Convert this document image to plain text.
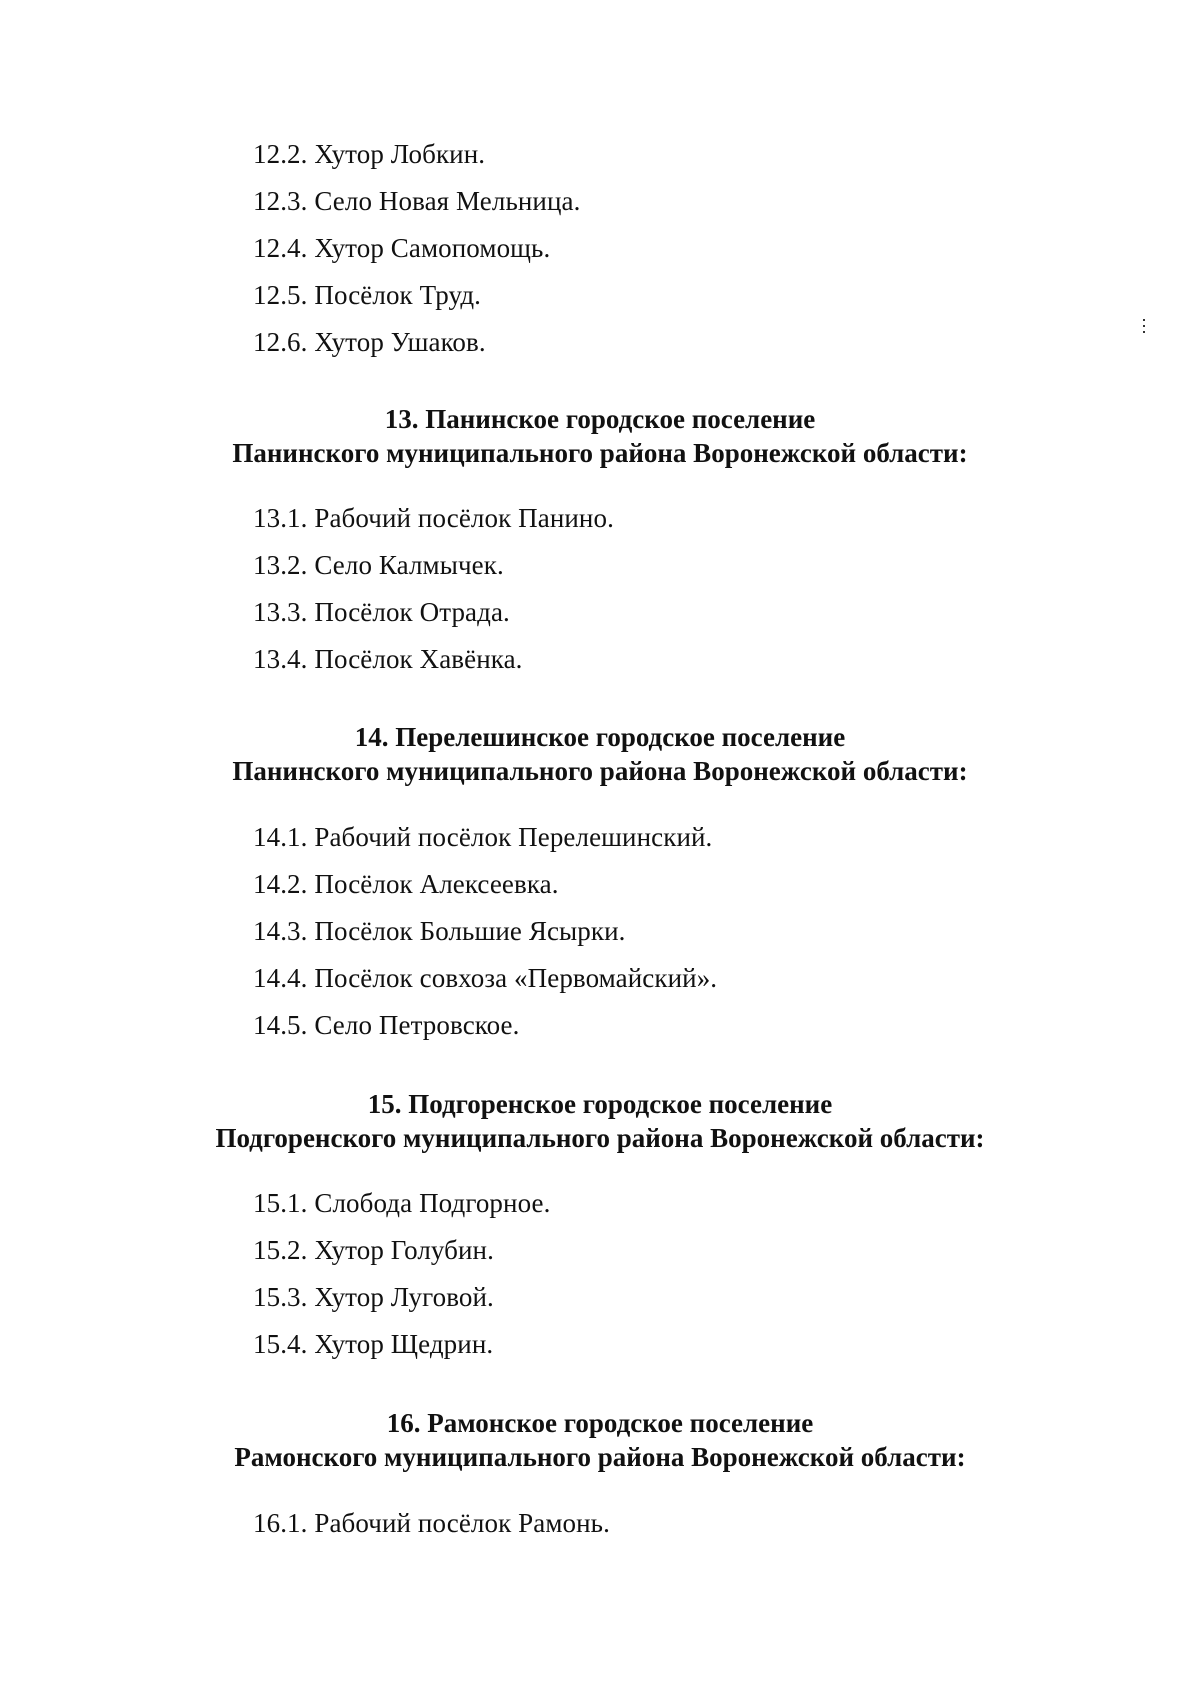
12.2. Хутор Лобкин.
12.3. Село Новая Мельница.
12.4. Хутор Самопомощь.
12.5. Посёлок Труд.
12.6. Хутор Ушаков.
13. Панинское городское поселение
Панинского муниципального района Воронежской области:
13.1. Рабочий посёлок Панино.
13.2. Село Калмычек.
13.3. Посёлок Отрада.
13.4. Посёлок Хавёнка.
14. Перелешинское городское поселение
Панинского муниципального района Воронежской области:
14.1. Рабочий посёлок Перелешинский.
14.2. Посёлок Алексеевка.
14.3. Посёлок Большие Ясырки.
14.4. Посёлок совхоза «Первомайский».
14.5. Село Петровское.
15. Подгоренское городское поселение
Подгоренского муниципального района Воронежской области:
15.1. Слобода Подгорное.
15.2. Хутор Голубин.
15.3. Хутор Луговой.
15.4. Хутор Щедрин.
16. Рамонское городское поселение
Рамонского муниципального района Воронежской области:
16.1. Рабочий посёлок Рамонь.
